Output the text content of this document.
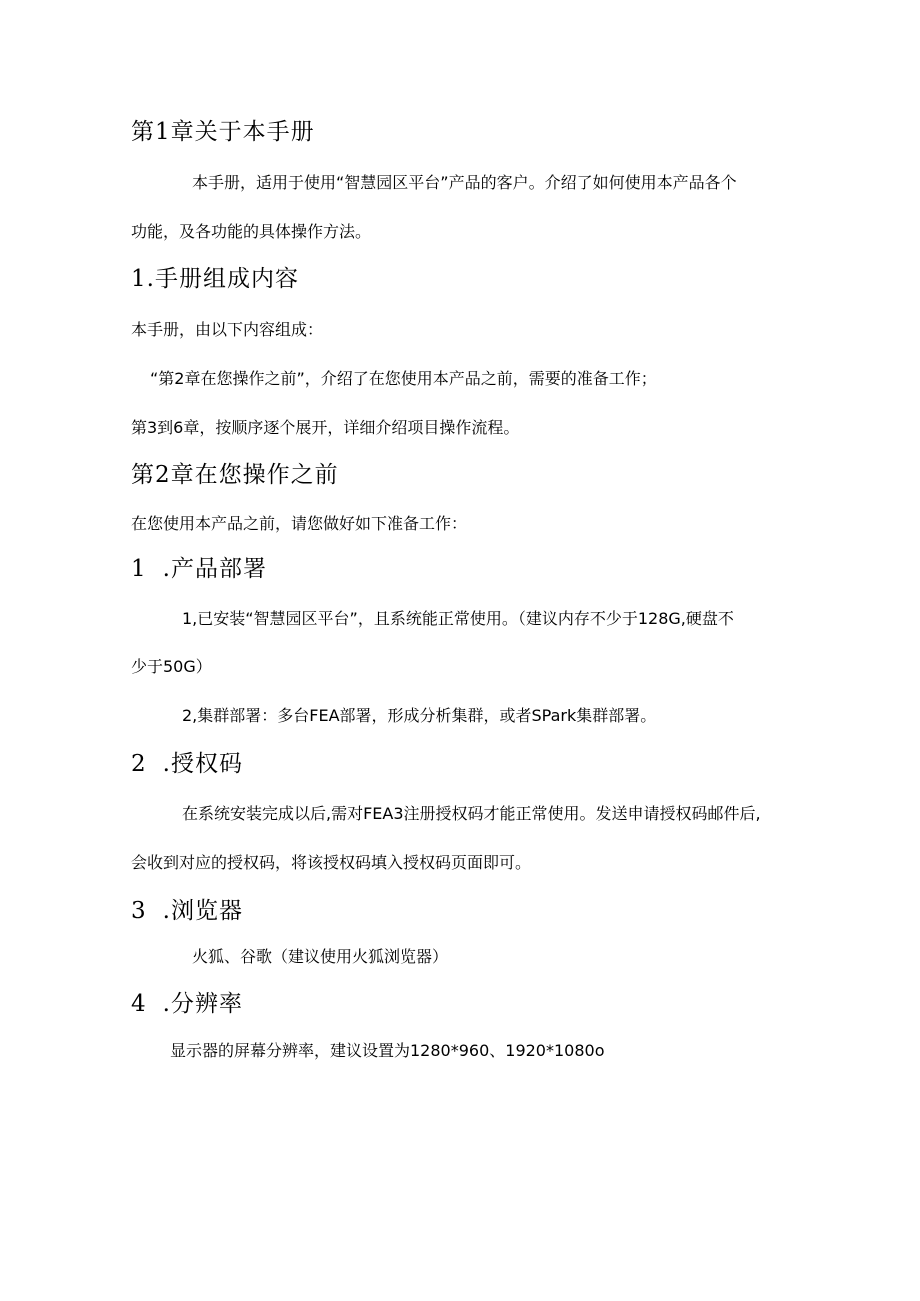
第1章关于本手册
本手册，适用于使用“智慧园区平台”产品的客户。介绍了如何使用本产品各个
功能，及各功能的具体操作方法。
1.手册组成内容
本手册，由以下内容组成：
“第2章在您操作之前”，介绍了在您使用本产品之前，需要的准备工作；
第3到6章，按顺序逐个展开，详细介绍项目操作流程。
第2章在您操作之前
在您使用本产品之前，请您做好如下准备工作：
1 .产品部署
1,已安装“智慧园区平台”，且系统能正常使用。（建议内存不少于128G,硬盘不
少于50G）
2,集群部署：多台FEA部署，形成分析集群，或者SPark集群部署。
2 .授权码
在系统安装完成以后,需对FEA3注册授权码才能正常使用。发送申请授权码邮件后,
会收到对应的授权码，将该授权码填入授权码页面即可。
3 .浏览器
火狐、谷歌（建议使用火狐浏览器）
4 .分辨率
显示器的屏幕分辨率，建议设置为1280*960、1920*1080o
